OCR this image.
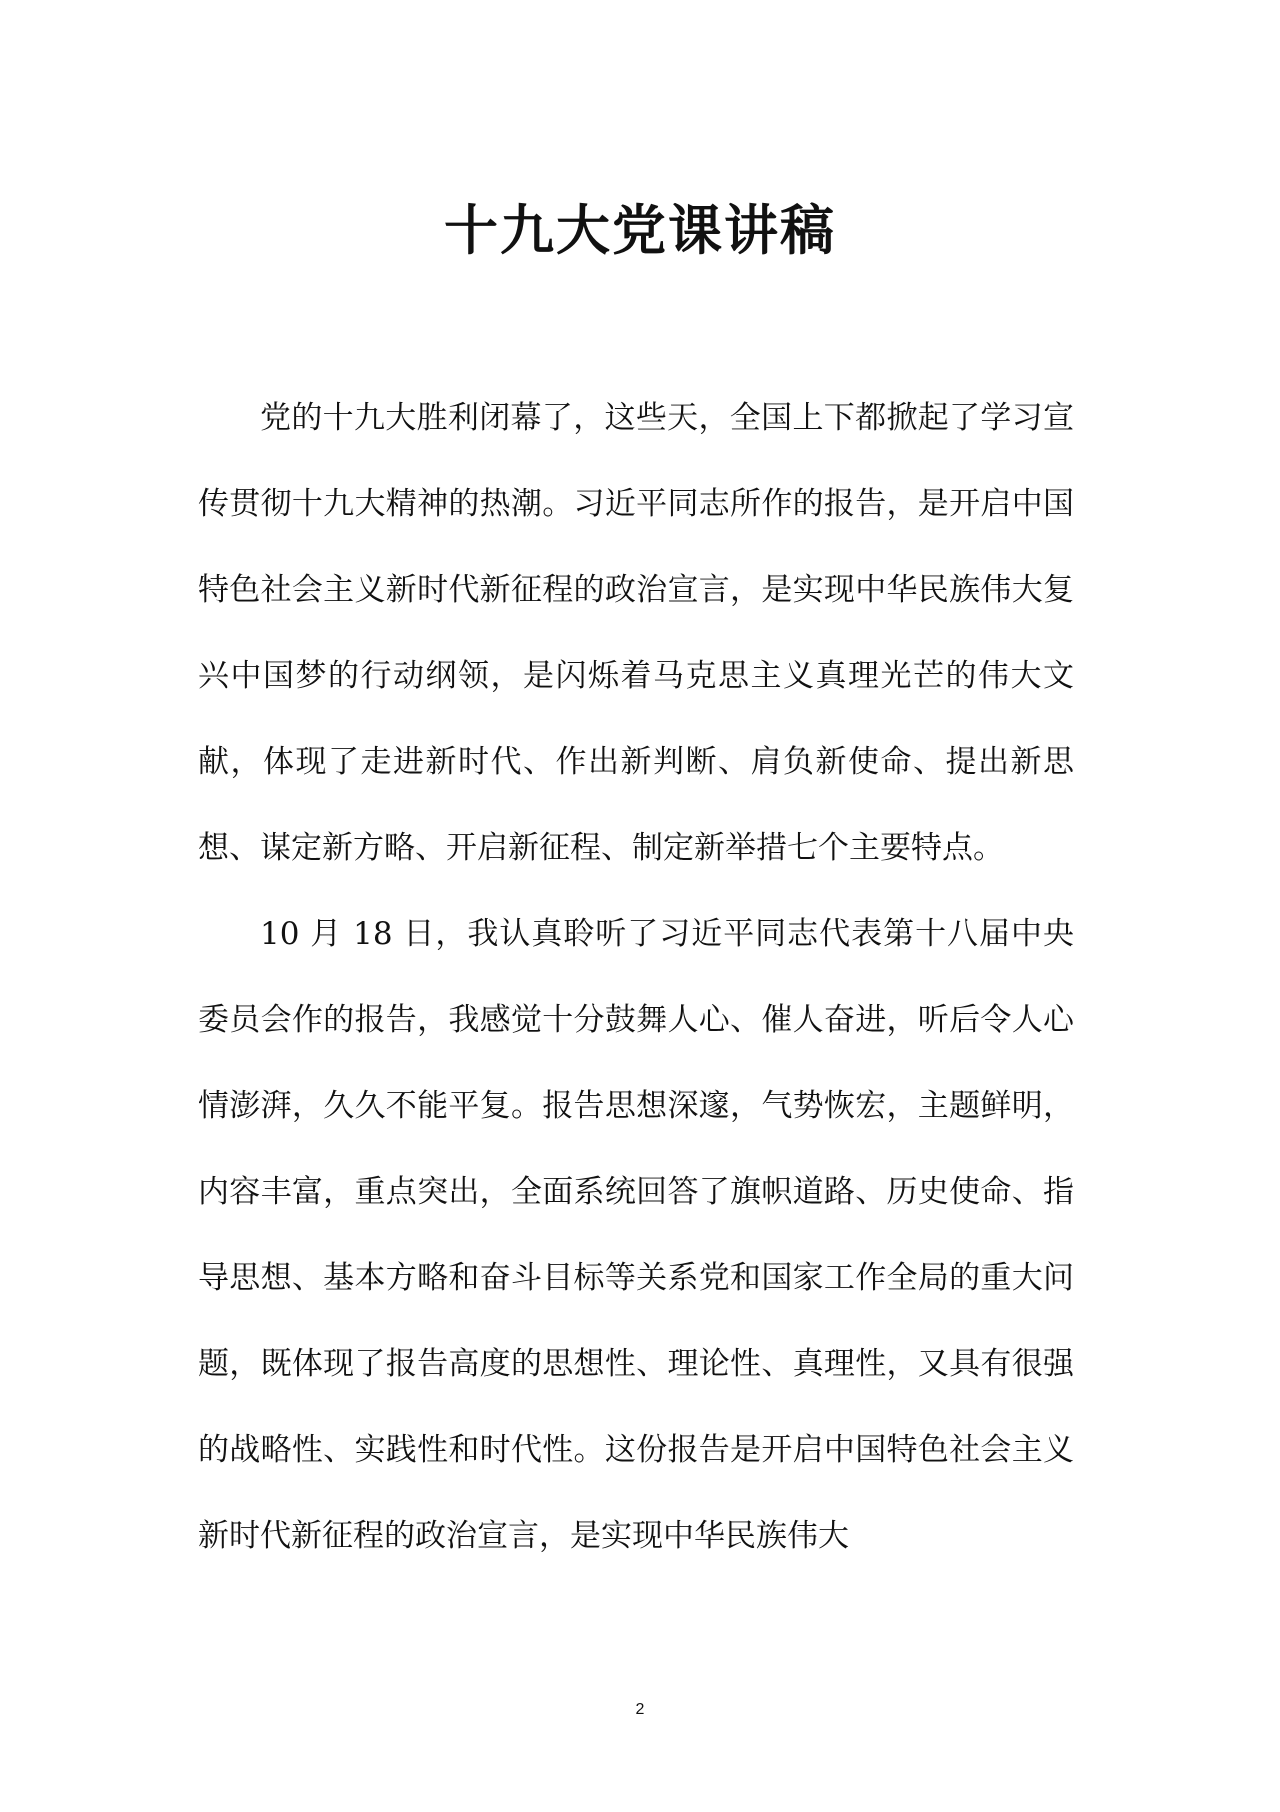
十九大党课讲稿

党的十九大胜利闭幕了，这些天，全国上下都掀起了学习宣传贯彻十九大精神的热潮。习近平同志所作的报告，是开启中国特色社会主义新时代新征程的政治宣言，是实现中华民族伟大复兴中国梦的行动纲领，是闪烁着马克思主义真理光芒的伟大文献，体现了走进新时代、作出新判断、肩负新使命、提出新思想、谋定新方略、开启新征程、制定新举措七个主要特点。

10 月 18 日，我认真聆听了习近平同志代表第十八届中央委员会作的报告，我感觉十分鼓舞人心、催人奋进，听后令人心情澎湃，久久不能平复。报告思想深邃，气势恢宏，主题鲜明，内容丰富，重点突出，全面系统回答了旗帜道路、历史使命、指导思想、基本方略和奋斗目标等关系党和国家工作全局的重大问题，既体现了报告高度的思想性、理论性、真理性，又具有很强的战略性、实践性和时代性。这份报告是开启中国特色社会主义新时代新征程的政治宣言，是实现中华民族伟大

2
